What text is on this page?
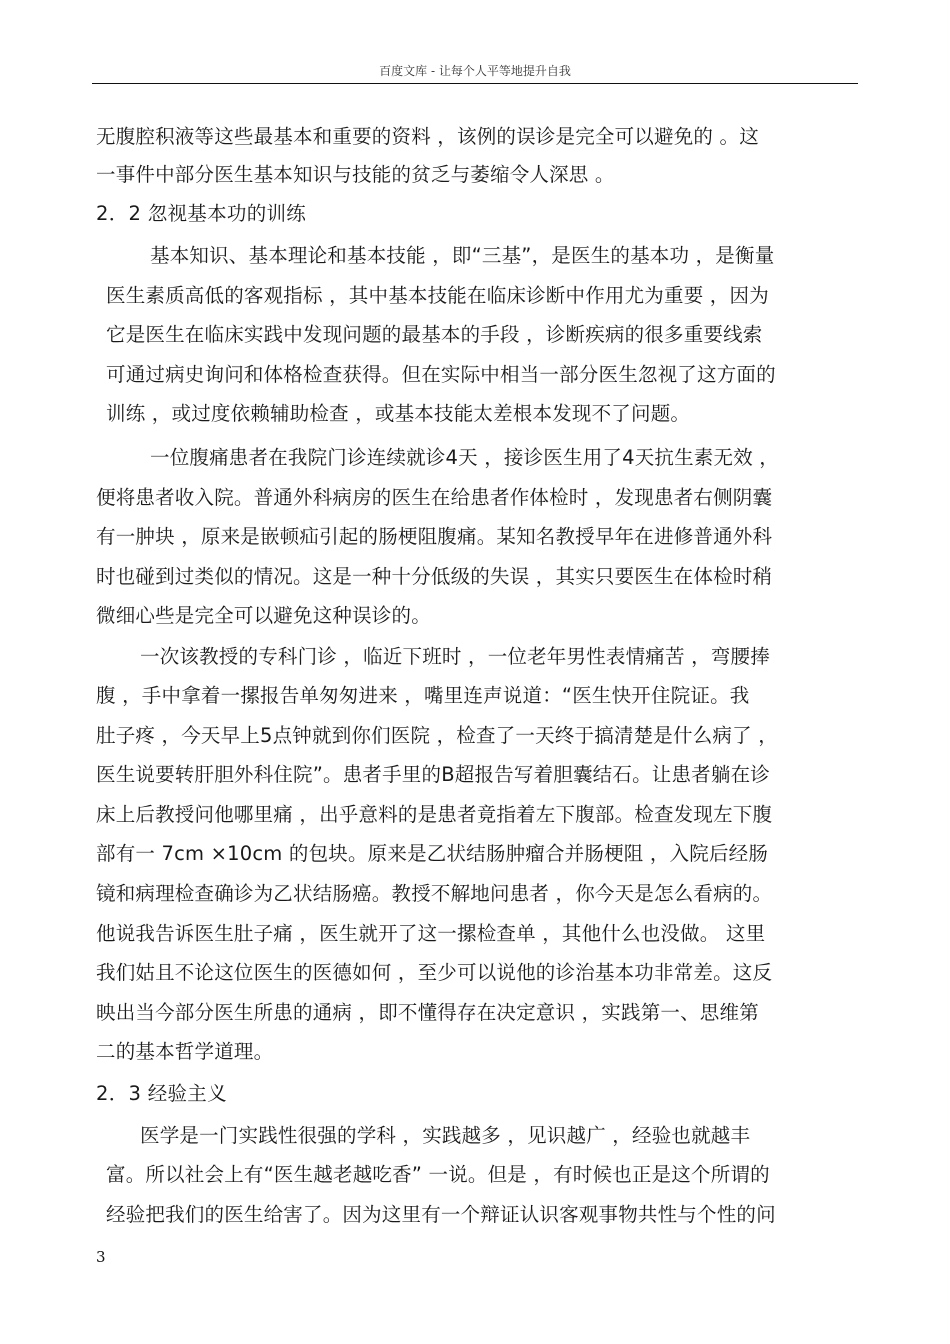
百度文库 - 让每个人平等地提升自我
无腹腔积液等这些最基本和重要的资料 ，该例的误诊是完全可以避免的 。这
一事件中部分医生基本知识与技能的贫乏与萎缩令人深思 。
2．2 忽视基本功的训练
基本知识、基本理论和基本技能 ，即“三基”，是医生的基本功 ，是衡量
医生素质高低的客观指标 ，其中基本技能在临床诊断中作用尤为重要 ，因为
它是医生在临床实践中发现问题的最基本的手段 ，诊断疾病的很多重要线索
可通过病史询问和体格检查获得。但在实际中相当一部分医生忽视了这方面的
训练 ，或过度依赖辅助检查 ，或基本技能太差根本发现不了问题。
一位腹痛患者在我院门诊连续就诊4天 ，接诊医生用了4天抗生素无效 ，
便将患者收入院。普通外科病房的医生在给患者作体检时 ，发现患者右侧阴囊
有一肿块 ，原来是嵌顿疝引起的肠梗阻腹痛。某知名教授早年在进修普通外科
时也碰到过类似的情况。这是一种十分低级的失误 ，其实只要医生在体检时稍
微细心些是完全可以避免这种误诊的。
一次该教授的专科门诊 ，临近下班时 ，一位老年男性表情痛苦 ，弯腰捧
腹 ，手中拿着一摞报告单匆匆进来 ，嘴里连声说道：“医生快开住院证。我
肚子疼 ，今天早上5点钟就到你们医院 ，检查了一天终于搞清楚是什么病了 ，
医生说要转肝胆外科住院”。患者手里的B超报告写着胆囊结石。让患者躺在诊
床上后教授问他哪里痛 ，出乎意料的是患者竟指着左下腹部。检查发现左下腹
部有一 7cm ×10cm 的包块。原来是乙状结肠肿瘤合并肠梗阻 ，入院后经肠
镜和病理检查确诊为乙状结肠癌。教授不解地问患者 ，你今天是怎么看病的。
他说我告诉医生肚子痛 ，医生就开了这一摞检查单 ，其他什么也没做。 这里
我们姑且不论这位医生的医德如何 ，至少可以说他的诊治基本功非常差。这反
映出当今部分医生所患的通病 ，即不懂得存在决定意识 ，实践第一、思维第
二的基本哲学道理。
2．3 经验主义
医学是一门实践性很强的学科 ，实践越多 ，见识越广 ，经验也就越丰
富。所以社会上有“医生越老越吃香” 一说。但是 ，有时候也正是这个所谓的
经验把我们的医生给害了。因为这里有一个辩证认识客观事物共性与个性的问
3
